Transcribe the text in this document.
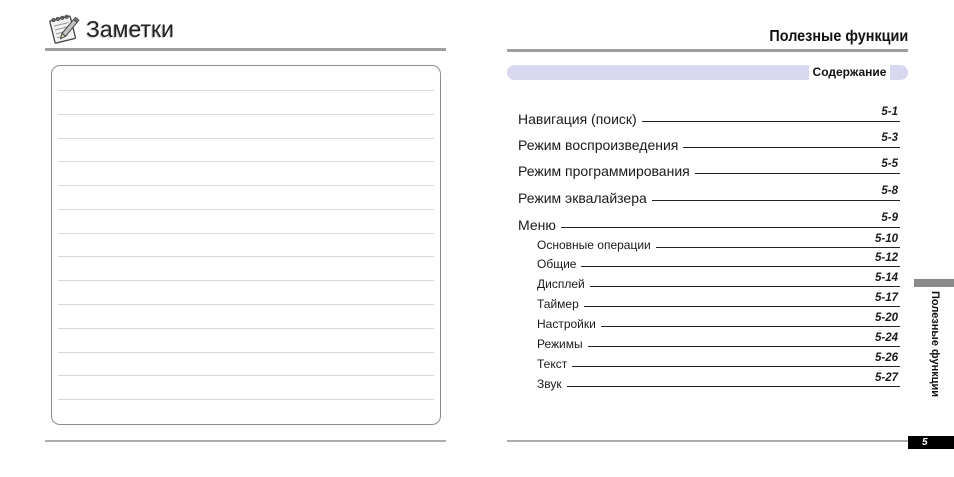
Заметки	Полезные функции
Содержание
Навигация (поиск)	5-1
Режим воспроизведения	5-3
Режим программирования	5-5
Режим эквалайзера	5-8
Меню	5-9
Основные операции	5-10
Общие	5-12
Дисплей	5-14
Таймер	5-17
Настройки	5-20
Режимы	5-24
Текст	5-26
Звук	5-27	Полезные функции
5
